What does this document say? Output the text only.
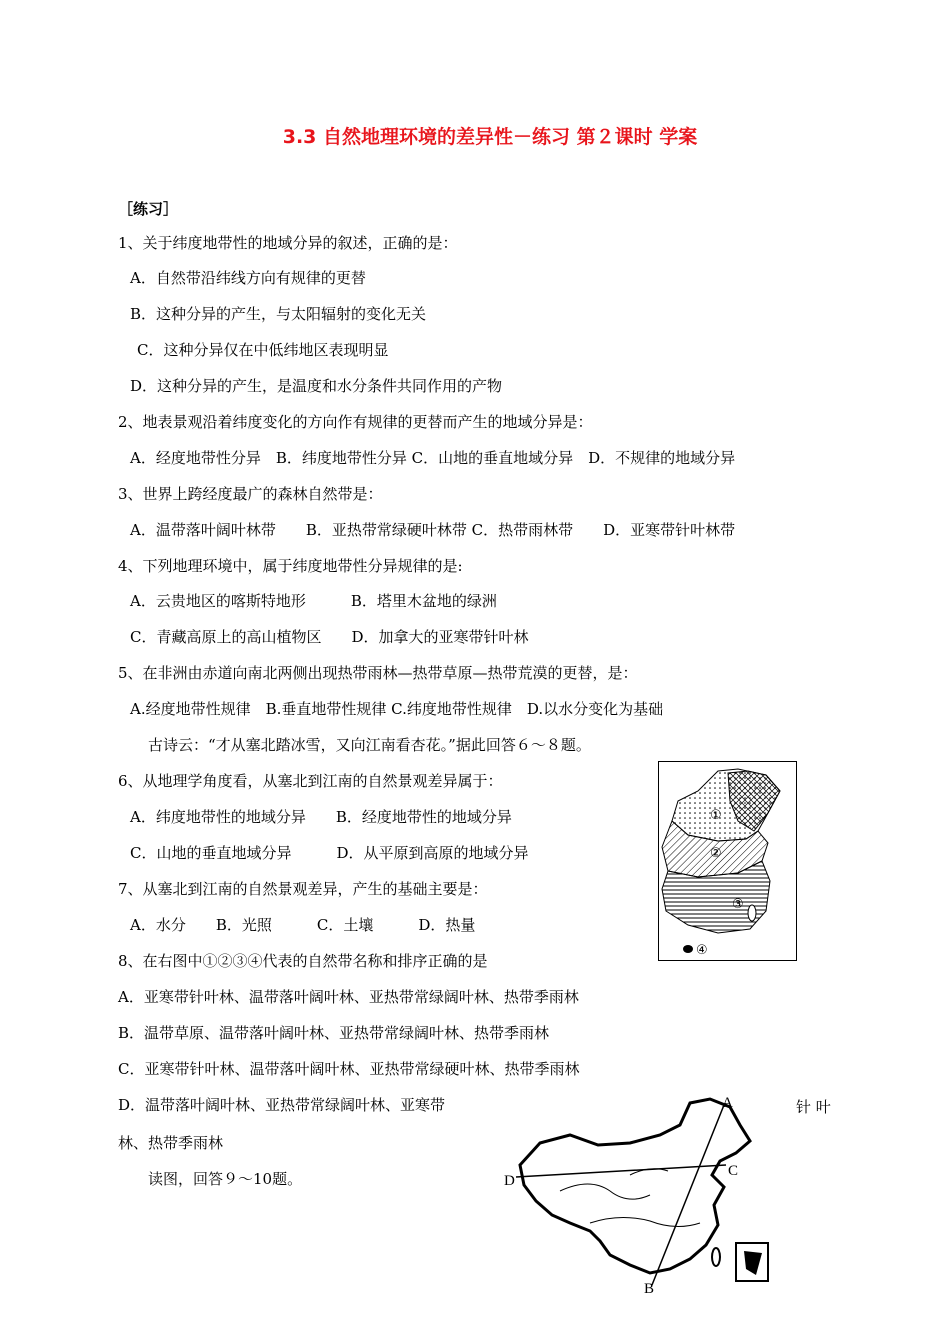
3.3 自然地理环境的差异性－练习 第２课时 学案
［练习］
1、关于纬度地带性的地域分异的叙述，正确的是：
A．自然带沿纬线方向有规律的更替
B．这种分异的产生，与太阳辐射的变化无关
C．这种分异仅在中低纬地区表现明显
D．这种分异的产生，是温度和水分条件共同作用的产物
2、地表景观沿着纬度变化的方向作有规律的更替而产生的地域分异是：
A．经度地带性分异　B．纬度地带性分异 C．山地的垂直地域分异　D．不规律的地域分异
3、世界上跨经度最广的森林自然带是：
A．温带落叶阔叶林带　　B．亚热带常绿硬叶林带 C．热带雨林带　　D．亚寒带针叶林带
4、下列地理环境中，属于纬度地带性分异规律的是:
A．云贵地区的喀斯特地形　　　B．塔里木盆地的绿洲
C．青藏高原上的高山植物区　　D．加拿大的亚寒带针叶林
5、在非洲由赤道向南北两侧出现热带雨林—热带草原—热带荒漠的更替，是：
A.经度地带性规律　B.垂直地带性规律 C.纬度地带性规律　D.以水分变化为基础
古诗云：“才从塞北踏冰雪，又向江南看杏花。”据此回答６～８题。
6、从地理学角度看，从塞北到江南的自然景观差异属于：
A．纬度地带性的地域分异　　B．经度地带性的地域分异
C．山地的垂直地域分异　　　D．从平原到高原的地域分异
7、从塞北到江南的自然景观差异，产生的基础主要是：
A．水分　　B．光照　　　C．土壤　　　D．热量
8、在右图中①②③④代表的自然带名称和排序正确的是
A．亚寒带针叶林、温带落叶阔叶林、亚热带常绿阔叶林、热带季雨林
B．温带草原、温带落叶阔叶林、亚热带常绿阔叶林、热带季雨林
C．亚寒带针叶林、温带落叶阔叶林、亚热带常绿硬叶林、热带季雨林
D．温带落叶阔叶林、亚热带常绿阔叶林、亚寒带	针 叶
林、热带季雨林
读图，回答９～10题。
①
②
③
④
A
B
C
D
